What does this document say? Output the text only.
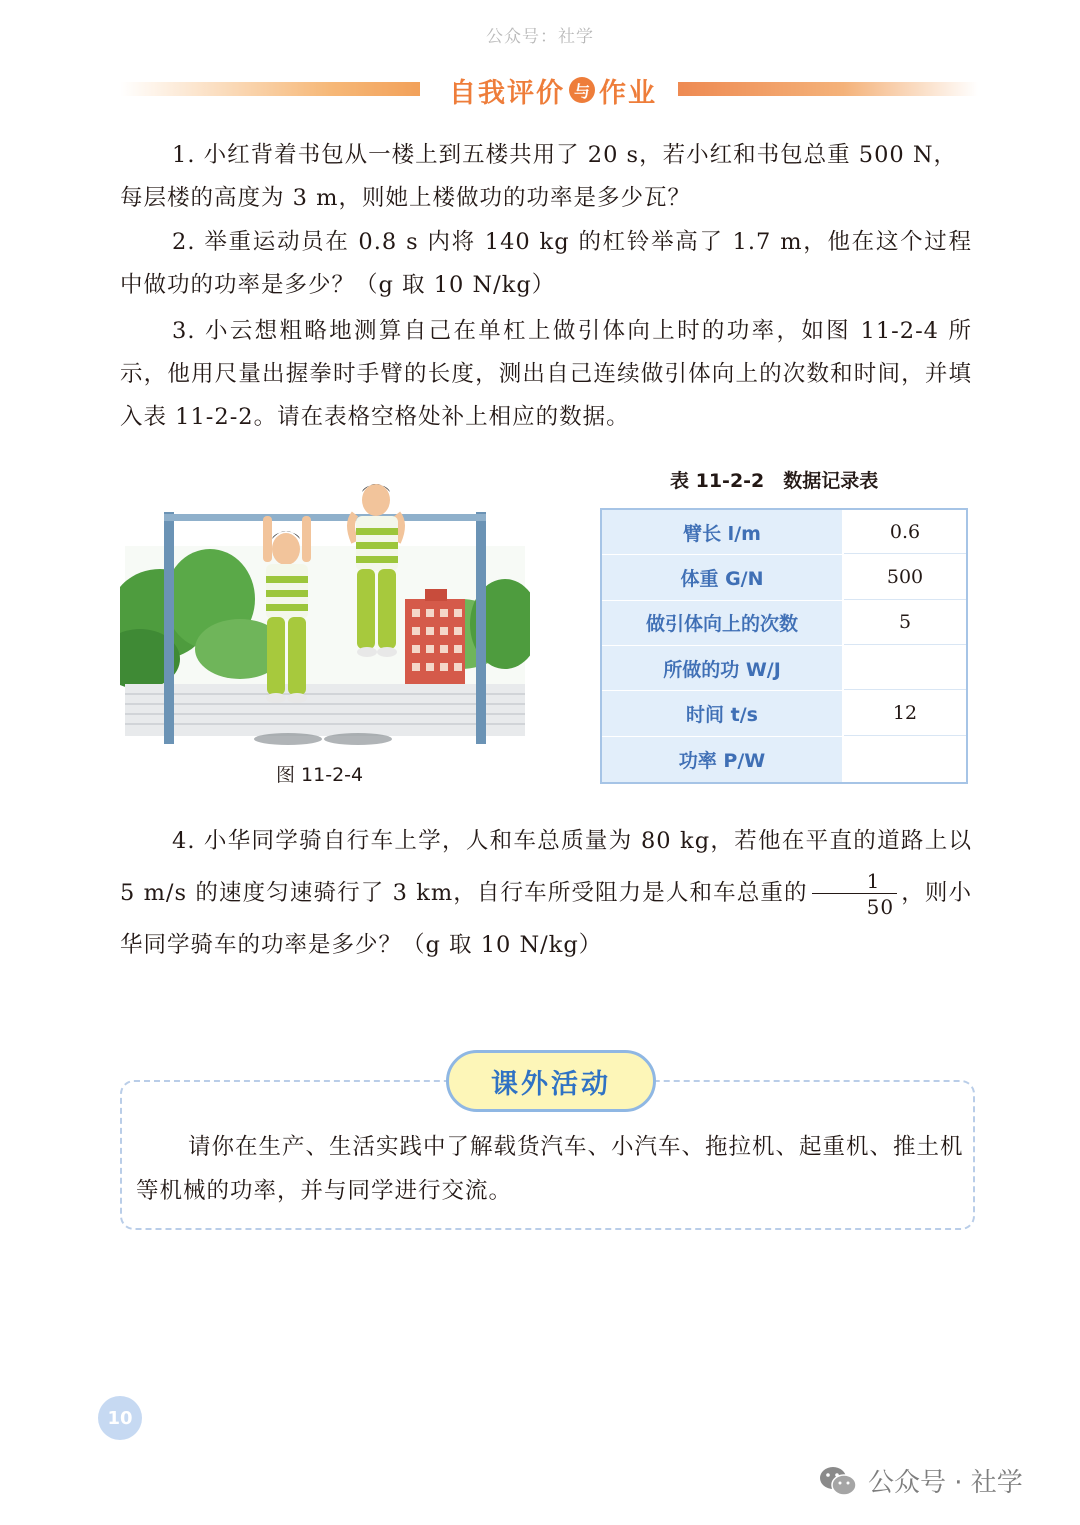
公众号：社学
自我评价 与 作业

1. 小红背着书包从一楼上到五楼共用了 20 s，若小红和书包总重 500 N，

每层楼的高度为 3 m，则她上楼做功的功率是多少瓦？

2. 举重运动员在 0.8 s 内将 140 kg 的杠铃举高了 1.7 m，他在这个过程中做功的功率是多少？（g 取 10 N/kg）

3. 小云想粗略地测算自己在单杠上做引体向上时的功率，如图 11-2-4 所示，他用尺量出握拳时手臂的长度，测出自己连续做引体向上的次数和时间，并填入表 11-2-2。请在表格空格处补上相应的数据。

图 11-2-4
表 11-2-2　数据记录表
臂长 l/m	0.6
体重 G/N	500
做引体向上的次数	5
所做的功 W/J
时间 t/s	12
功率 P/W

4. 小华同学骑自行车上学，人和车总质量为 80 kg，若他在平直的道路上以 5 m/s 的速度匀速骑行了 3 km，自行车所受阻力是人和车总重的 $\frac{1}{50}$ ，则小华同学骑车的功率是多少？（g 取 10 N/kg）

课外活动

请你在生产、生活实践中了解载货汽车、小汽车、拖拉机、起重机、推土机等机械的功率，并与同学进行交流。

10
公众号 · 社学
